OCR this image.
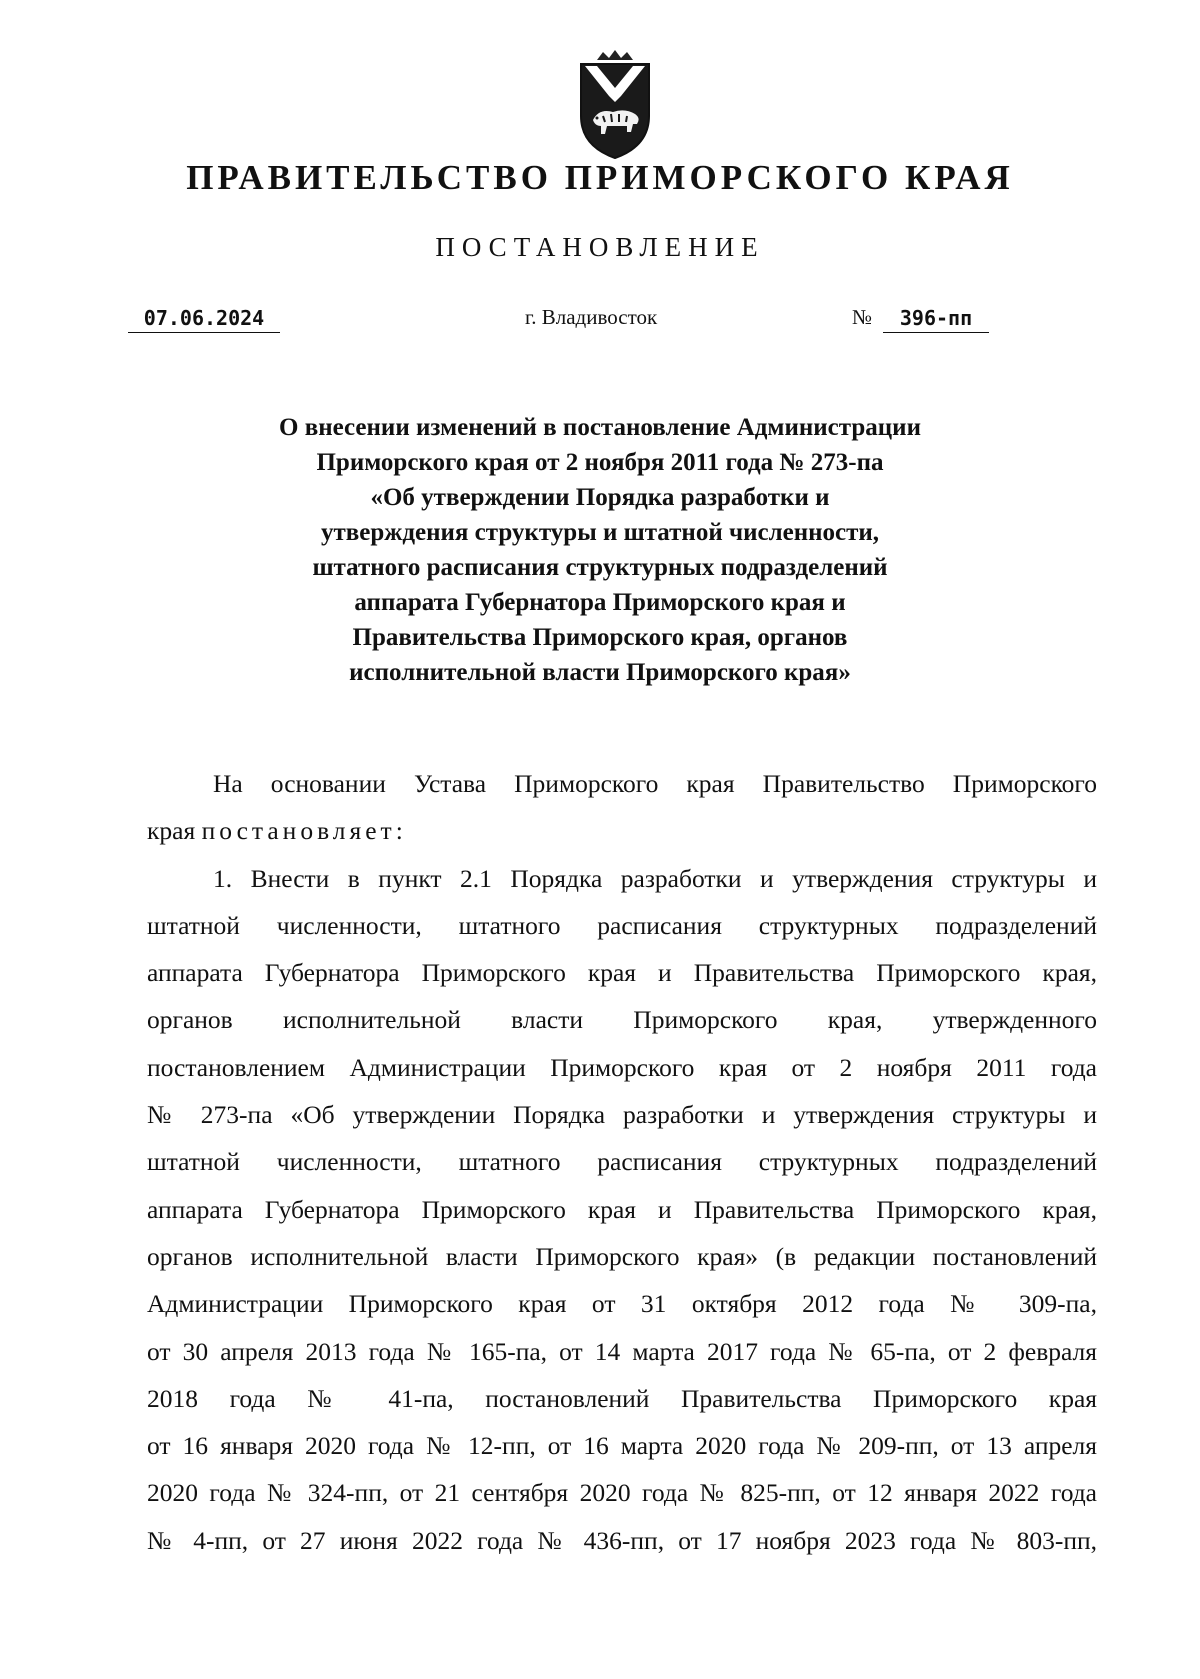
ПРАВИТЕЛЬСТВО ПРИМОРСКОГО КРАЯ
ПОСТАНОВЛЕНИЕ
07.06.2024	г. Владивосток	№	396-пп
О внесении изменений в постановление Администрации
Приморского края от 2 ноября 2011 года № 273-па
«Об утверждении Порядка разработки и
утверждения структуры и штатной численности,
штатного расписания структурных подразделений
аппарата Губернатора Приморского края и
Правительства Приморского края, органов
исполнительной власти Приморского края»
На основании Устава Приморского края Правительство Приморского
края постановляет:
1. Внести в пункт 2.1 Порядка разработки и утверждения структуры и
штатной численности, штатного расписания структурных подразделений
аппарата Губернатора Приморского края и Правительства Приморского края,
органов исполнительной власти Приморского края, утвержденного
постановлением Администрации Приморского края от 2 ноября 2011 года
№ 273-па «Об утверждении Порядка разработки и утверждения структуры и
штатной численности, штатного расписания структурных подразделений
аппарата Губернатора Приморского края и Правительства Приморского края,
органов исполнительной власти Приморского края» (в редакции постановлений
Администрации Приморского края от 31 октября 2012 года № 309-па,
от 30 апреля 2013 года № 165-па, от 14 марта 2017 года № 65-па, от 2 февраля
2018 года № 41-па, постановлений Правительства Приморского края
от 16 января 2020 года № 12-пп, от 16 марта 2020 года № 209-пп, от 13 апреля
2020 года № 324-пп, от 21 сентября 2020 года № 825-пп, от 12 января 2022 года
№ 4-пп, от 27 июня 2022 года № 436-пп, от 17 ноября 2023 года № 803-пп,
